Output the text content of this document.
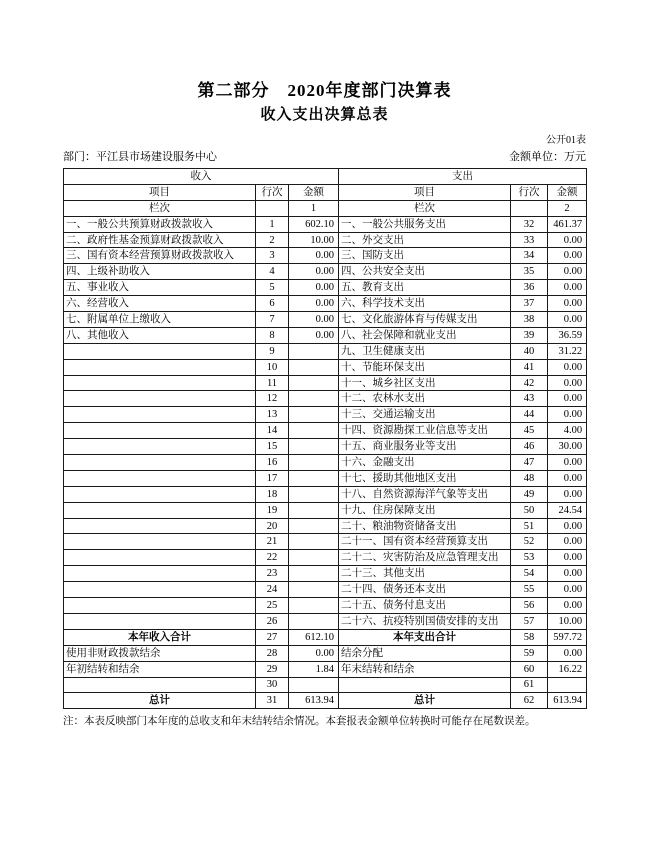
第二部分　2020年度部门决算表
收入支出决算总表
公开01表
部门：平江县市场建设服务中心	金额单位：万元
收入			支出		
项目	行次	金额	项目	行次	金额
栏次		1	栏次		2
一、一般公共预算财政拨款收入	1	602.10	一、一般公共服务支出	32	461.37
二、政府性基金预算财政拨款收入	2	10.00	二、外交支出	33	0.00
三、国有资本经营预算财政拨款收入	3	0.00	三、国防支出	34	0.00
四、上级补助收入	4	0.00	四、公共安全支出	35	0.00
五、事业收入	5	0.00	五、教育支出	36	0.00
六、经营收入	6	0.00	六、科学技术支出	37	0.00
七、附属单位上缴收入	7	0.00	七、文化旅游体育与传媒支出	38	0.00
八、其他收入	8	0.00	八、社会保障和就业支出	39	36.59
	9		九、卫生健康支出	40	31.22
	10		十、节能环保支出	41	0.00
	11		十一、城乡社区支出	42	0.00
	12		十二、农林水支出	43	0.00
	13		十三、交通运输支出	44	0.00
	14		十四、资源勘探工业信息等支出	45	4.00
	15		十五、商业服务业等支出	46	30.00
	16		十六、金融支出	47	0.00
	17		十七、援助其他地区支出	48	0.00
	18		十八、自然资源海洋气象等支出	49	0.00
	19		十九、住房保障支出	50	24.54
	20		二十、粮油物资储备支出	51	0.00
	21		二十一、国有资本经营预算支出	52	0.00
	22		二十二、灾害防治及应急管理支出	53	0.00
	23		二十三、其他支出	54	0.00
	24		二十四、债务还本支出	55	0.00
	25		二十五、债务付息支出	56	0.00
	26		二十六、抗疫特别国债安排的支出	57	10.00
本年收入合计	27	612.10	本年支出合计	58	597.72
使用非财政拨款结余	28	0.00	结余分配	59	0.00
年初结转和结余	29	1.84	年末结转和结余	60	16.22
	30			61	
总计	31	613.94	总计	62	613.94
注：本表反映部门本年度的总收支和年末结转结余情况。本套报表金额单位转换时可能存在尾数误差。
